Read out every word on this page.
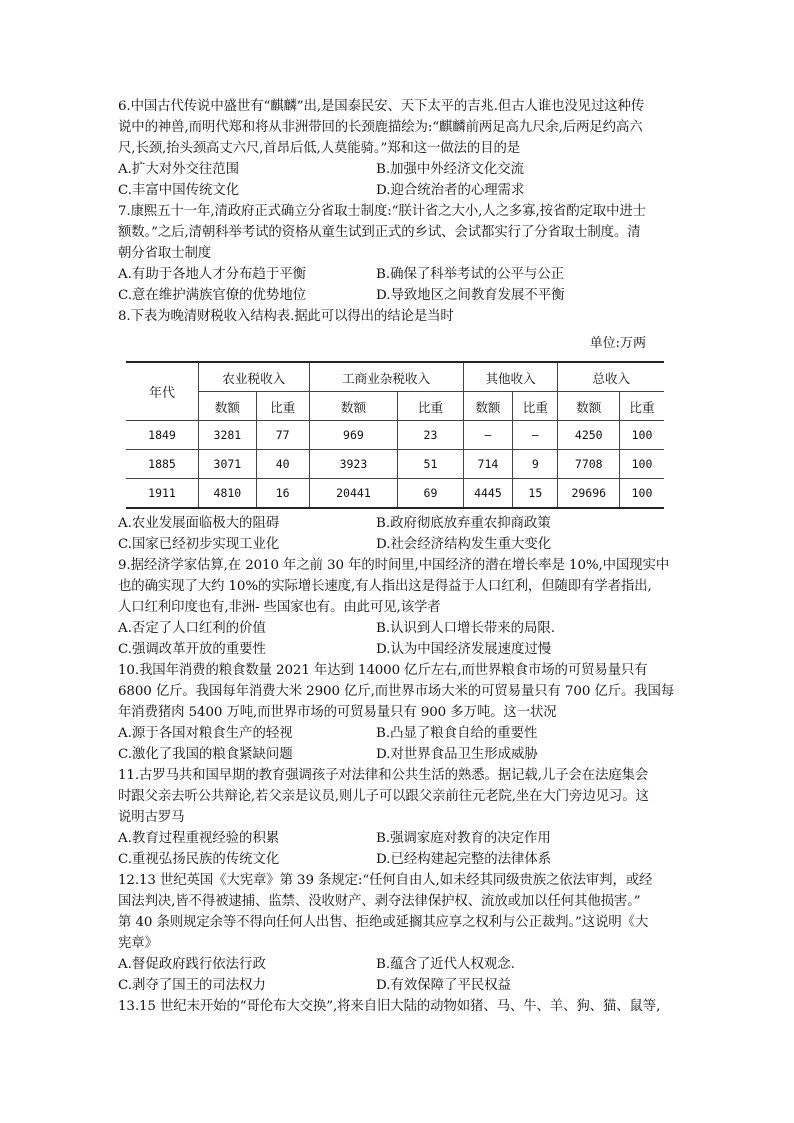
6.中国古代传说中盛世有“麒麟”出,是国泰民安、天下太平的吉兆.但古人谁也没见过这种传
说中的神兽,而明代郑和将从非洲带回的长颈鹿描绘为:“麒麟前两足高九尺余,后两足约高六
尺,长颈,抬头颈高丈六尺,首昂后低,人莫能骑。”郑和这一做法的目的是
A.扩大对外交往范围	B.加强中外经济文化交流
C.丰富中国传统文化	D.迎合统治者的心理需求
7.康熙五十一年,清政府正式确立分省取士制度:“朕计省之大小,人之多寡,按省酌定取中进士
额数。”之后,清朝科举考试的资格从童生试到正式的乡试、会试都实行了分省取士制度。清
朝分省取士制度
A.有助于各地人才分布趋于平衡	B.确保了科举考试的公平与公正
C.意在维护满族官僚的优势地位	D.导致地区之间教育发展不平衡
8.下表为晚清财税收入结构表.据此可以得出的结论是当时
单位:万两
年代	农业税收入		工商业杂税收入		其他收入		总收入	
	数额	比重	数额	比重	数额	比重	数额	比重
1849	3281	77	969	23	—	—	4250	100
1885	3071	40	3923	51	714	9	7708	100
1911	4810	16	20441	69	4445	15	29696	100
A.农业发展面临极大的阻碍	B.政府彻底放弃重农抑商政策
C.国家已经初步实现工业化	D.社会经济结构发生重大变化
9.据经济学家估算,在 2010 年之前 30 年的时间里,中国经济的潜在增长率是 10%,中国现实中
也的确实现了大约 10%的实际增长速度,有人指出这是得益于人口红利，但随即有学者指出,
人口红利印度也有,非洲- 些国家也有。由此可见,该学者
A.否定了人口红利的价值	B.认识到人口增长带来的局限.
C.强调改革开放的重要性	D.认为中国经济发展速度过慢
10.我国年消费的粮食数量 2021 年达到 14000 亿斤左右,而世界粮食市场的可贸易量只有
6800 亿斤。我国每年消费大米 2900 亿斤,而世界市场大米的可贸易量只有 700 亿斤。我国每
年消费猪肉 5400 万吨,而世界市场的可贸易量只有 900 多万吨。这一状况
A.源于各国对粮食生产的轻视	B.凸显了粮食自给的重要性
C.激化了我国的粮食紧缺问题	D.对世界食品卫生形成威胁
11.古罗马共和国早期的教育强调孩子对法律和公共生活的熟悉。据记载,儿子会在法庭集会
时跟父亲去听公共辩论,若父亲是议员,则儿子可以跟父亲前往元老院,坐在大门旁边见习。这
说明古罗马
A.教育过程重视经验的积累	B.强调家庭对教育的决定作用
C.重视弘扬民族的传统文化	D.已经构建起完整的法律体系
12.13 世纪英国《大宪章》第 39 条规定:“任何自由人,如未经其同级贵族之依法审判，或经
国法判决,皆不得被逮捕、监禁、没收财产、剥夺法律保护权、流放或加以任何其他损害。”
第 40 条则规定余等不得向任何人出售、拒绝或延搁其应享之权利与公正裁判。”这说明《大
宪章》
A.督促政府践行依法行政	B.蕴含了近代人权观念.
C.剥夺了国王的司法权力	D.有效保障了平民权益
13.15 世纪末开始的“哥伦布大交换”,将来自旧大陆的动物如猪、马、牛、羊、狗、猫、鼠等,
